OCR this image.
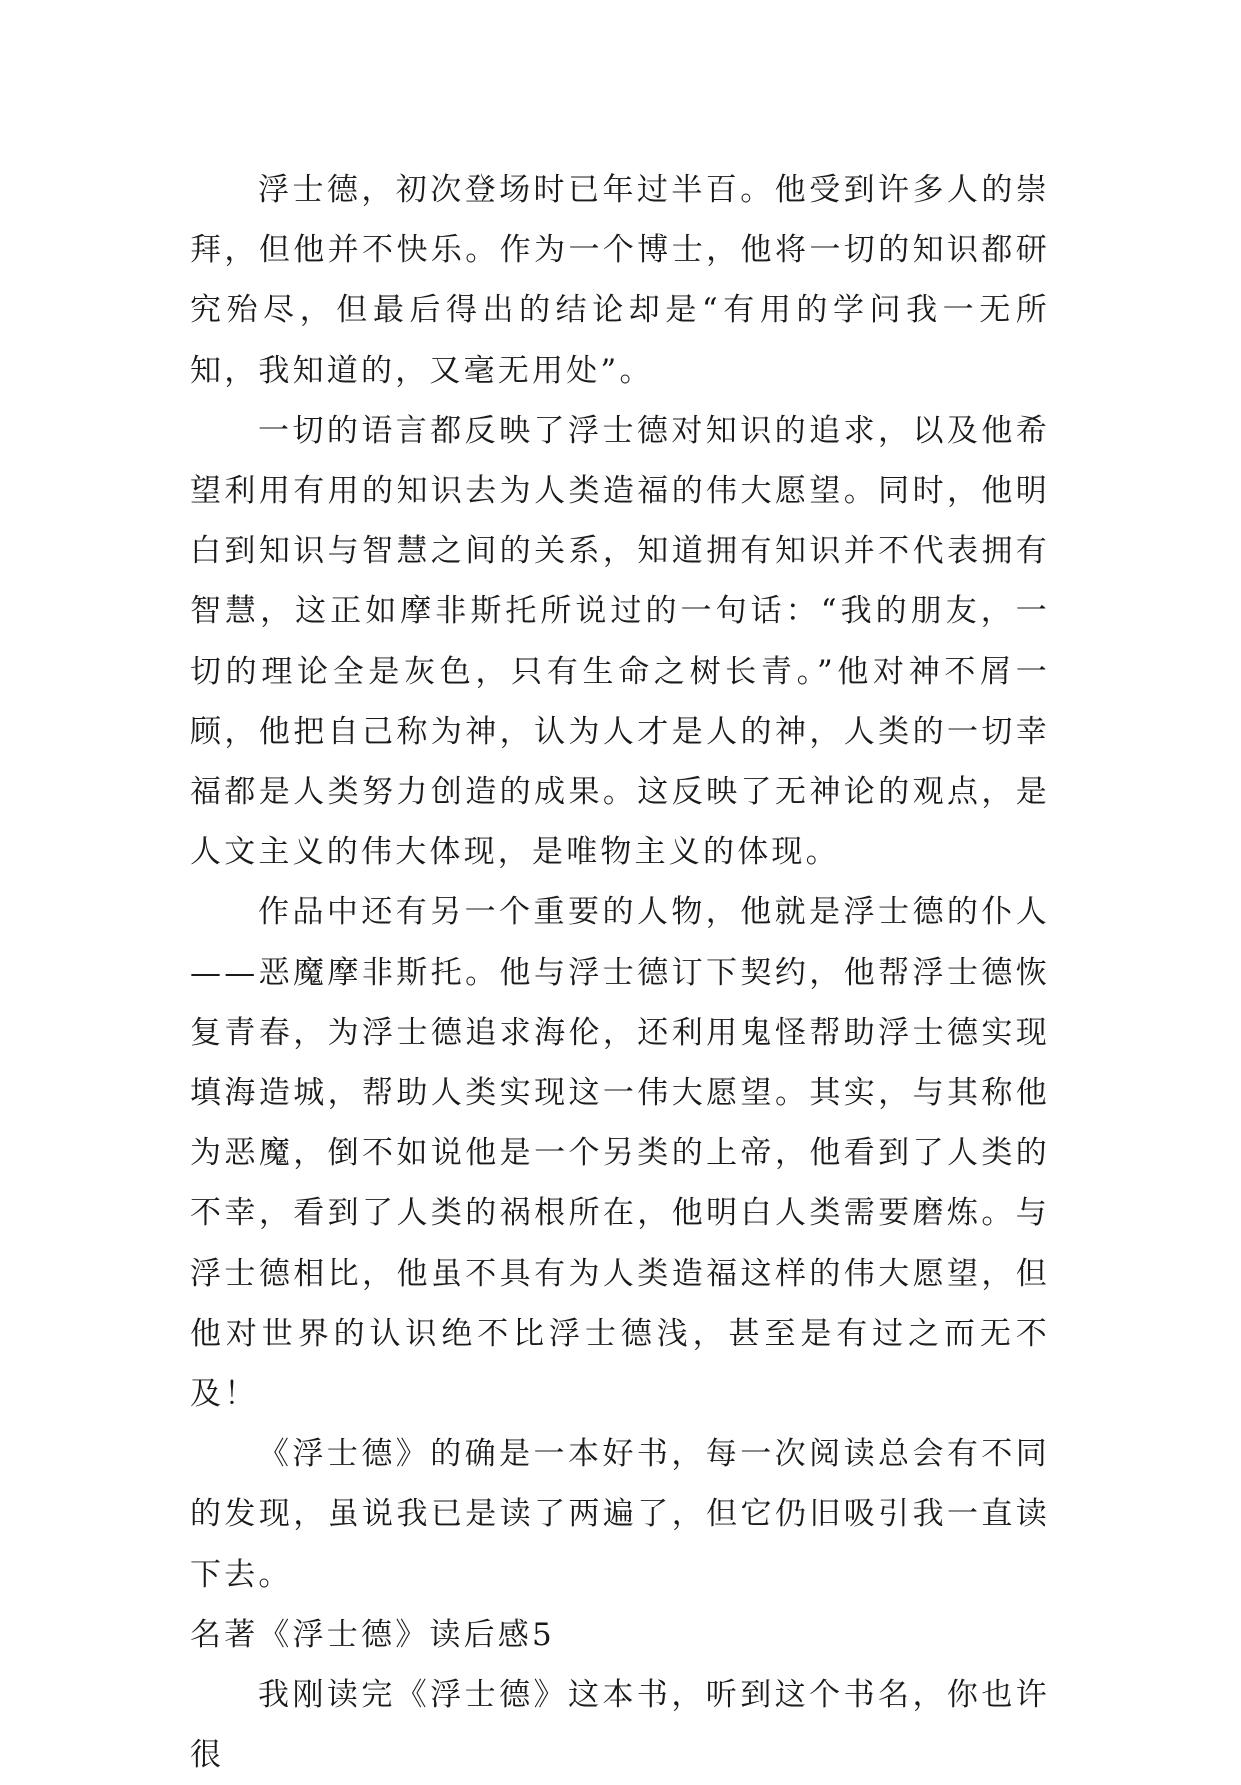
浮士德，初次登场时已年过半百。他受到许多人的崇拜，但他并不快乐。作为一个博士，他将一切的知识都研究殆尽，但最后得出的结论却是“有用的学问我一无所知，我知道的，又毫无用处”。

一切的语言都反映了浮士德对知识的追求，以及他希望利用有用的知识去为人类造福的伟大愿望。同时，他明白到知识与智慧之间的关系，知道拥有知识并不代表拥有智慧，这正如摩非斯托所说过的一句话：“我的朋友，一切的理论全是灰色，只有生命之树长青。”他对神不屑一顾，他把自己称为神，认为人才是人的神，人类的一切幸福都是人类努力创造的成果。这反映了无神论的观点，是人文主义的伟大体现，是唯物主义的体现。

作品中还有另一个重要的人物，他就是浮士德的仆人——恶魔摩非斯托。他与浮士德订下契约，他帮浮士德恢复青春，为浮士德追求海伦，还利用鬼怪帮助浮士德实现填海造城，帮助人类实现这一伟大愿望。其实，与其称他为恶魔，倒不如说他是一个另类的上帝，他看到了人类的不幸，看到了人类的祸根所在，他明白人类需要磨炼。与浮士德相比，他虽不具有为人类造福这样的伟大愿望，但他对世界的认识绝不比浮士德浅，甚至是有过之而无不及！

《浮士德》的确是一本好书，每一次阅读总会有不同的发现，虽说我已是读了两遍了，但它仍旧吸引我一直读下去。

名著《浮士德》读后感5

我刚读完《浮士德》这本书，听到这个书名，你也许很
